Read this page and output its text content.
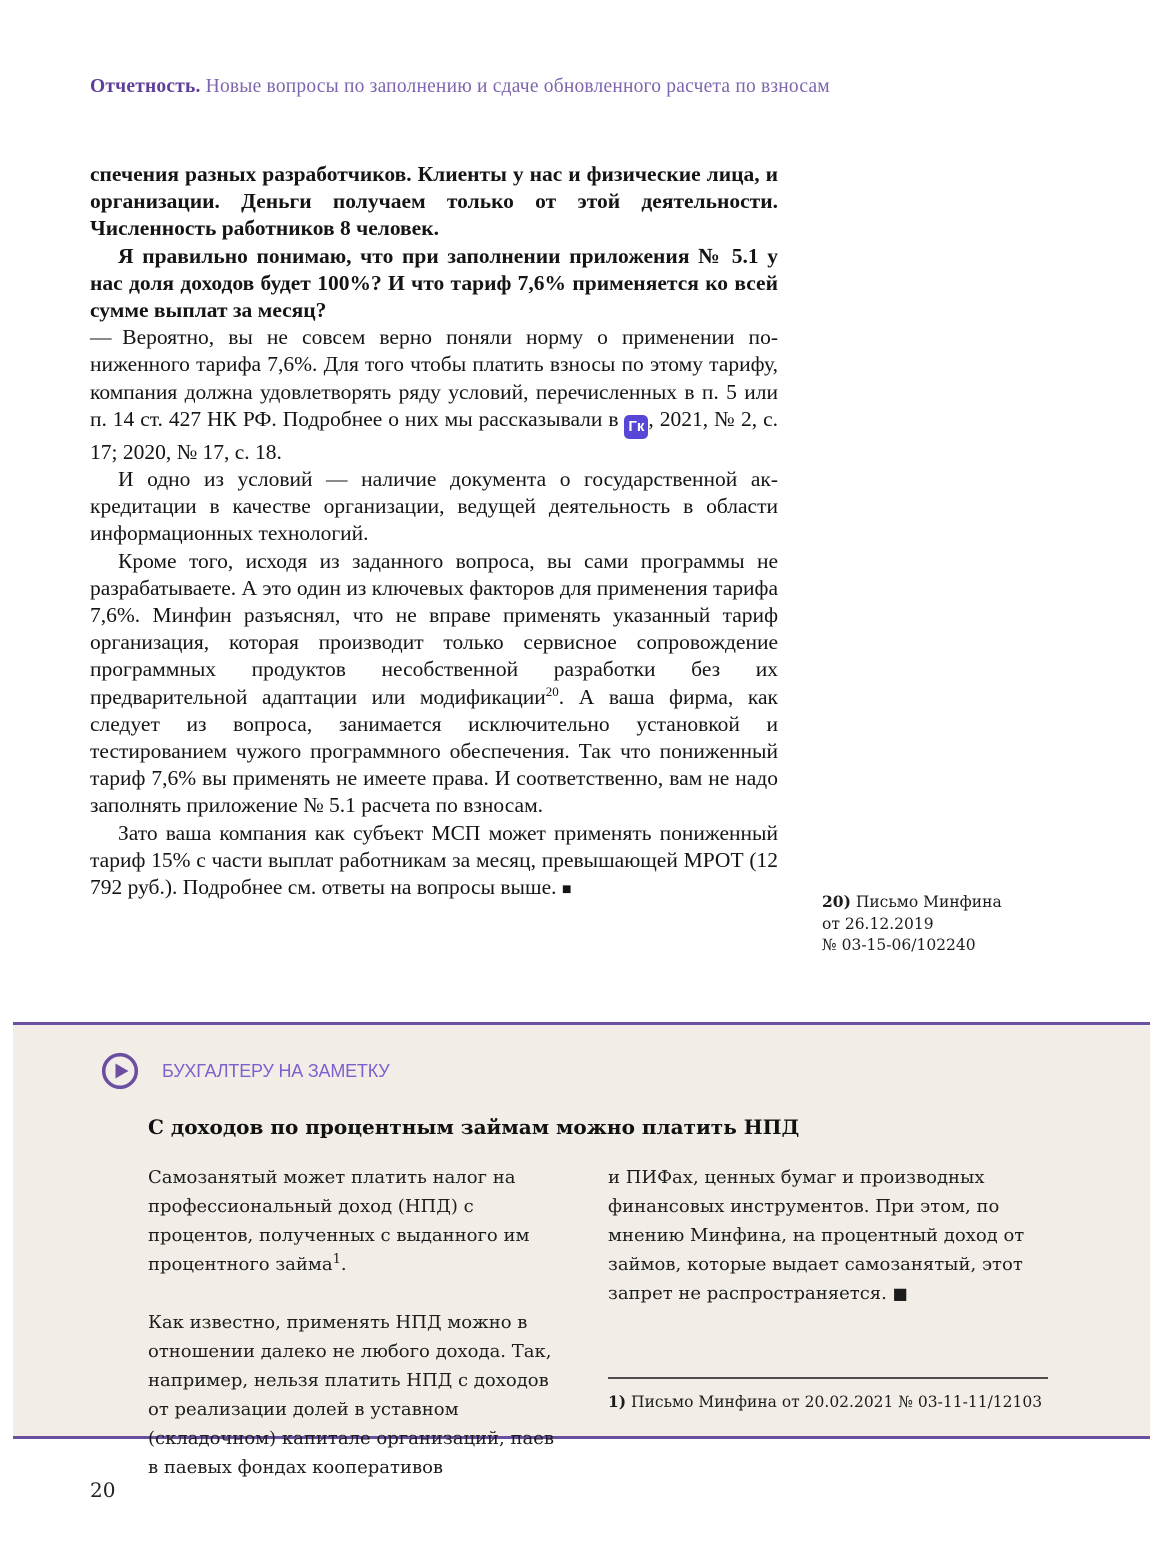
Отчетность. Новые вопросы по заполнению и сдаче обновленного расчета по взносам

спечения разных разработчиков. Клиенты у нас и физические лица, и организации. Деньги получаем только от этой деятельности. Численность работников 8 человек.

Я правильно понимаю, что при заполнении приложения № 5.1 у нас доля доходов будет 100%? И что тариф 7,6% применяется ко всей сумме выплат за месяц?

— Вероятно, вы не совсем верно поняли норму о применении пониженного тарифа 7,6%. Для того чтобы платить взносы по этому тарифу, компания должна удовлетворять ряду условий, перечисленных в п. 5 или п. 14 ст. 427 НК РФ. Подробнее о них мы рассказывали в Гк , 2021, № 2, с. 17; 2020, № 17, с. 18.

И одно из условий — наличие документа о государственной аккредитации в качестве организации, ведущей деятельность в области информационных технологий.

Кроме того, исходя из заданного вопроса, вы сами программы не разрабатываете. А это один из ключевых факторов для применения тарифа 7,6%. Минфин разъяснял, что не вправе применять указанный тариф организация, которая производит только сервисное сопровождение программных продуктов несобственной разработки без их предварительной адаптации или модификации$^{20}$. А ваша фирма, как следует из вопроса, занимается исключительно установкой и тестированием чужого программного обеспечения. Так что пониженный тариф 7,6% вы применять не имеете права. И соответственно, вам не надо заполнять приложение № 5.1 расчета по взносам.

Зато ваша компания как субъект МСП может применять пониженный тариф 15% с части выплат работникам за месяц, превышающей МРОТ (12 792 руб.). Подробнее см. ответы на вопросы выше. ■

20) Письмо Минфина
от 26.12.2019
№ 03-15-06/102240
БУХГАЛТЕРУ НА ЗАМЕТКУ
С доходов по процентным займам можно платить НПД

Самозанятый может платить налог на профессиональный доход (НПД) с процентов, полученных с выданного им процентного займа$^1$.

Как известно, применять НПД можно в отношении далеко не любого дохода. Так, например, нельзя платить НПД с доходов от реализации долей в уставном (складочном) капитале организаций, паев в паевых фондах кооперативов

и ПИФах, ценных бумаг и производных финансовых инструментов. При этом, по мнению Минфина, на процентный доход от займов, которые выдает самозанятый, этот запрет не распространяется. ■

1) Письмо Минфина от 20.02.2021 № 03-11-11/12103
20
